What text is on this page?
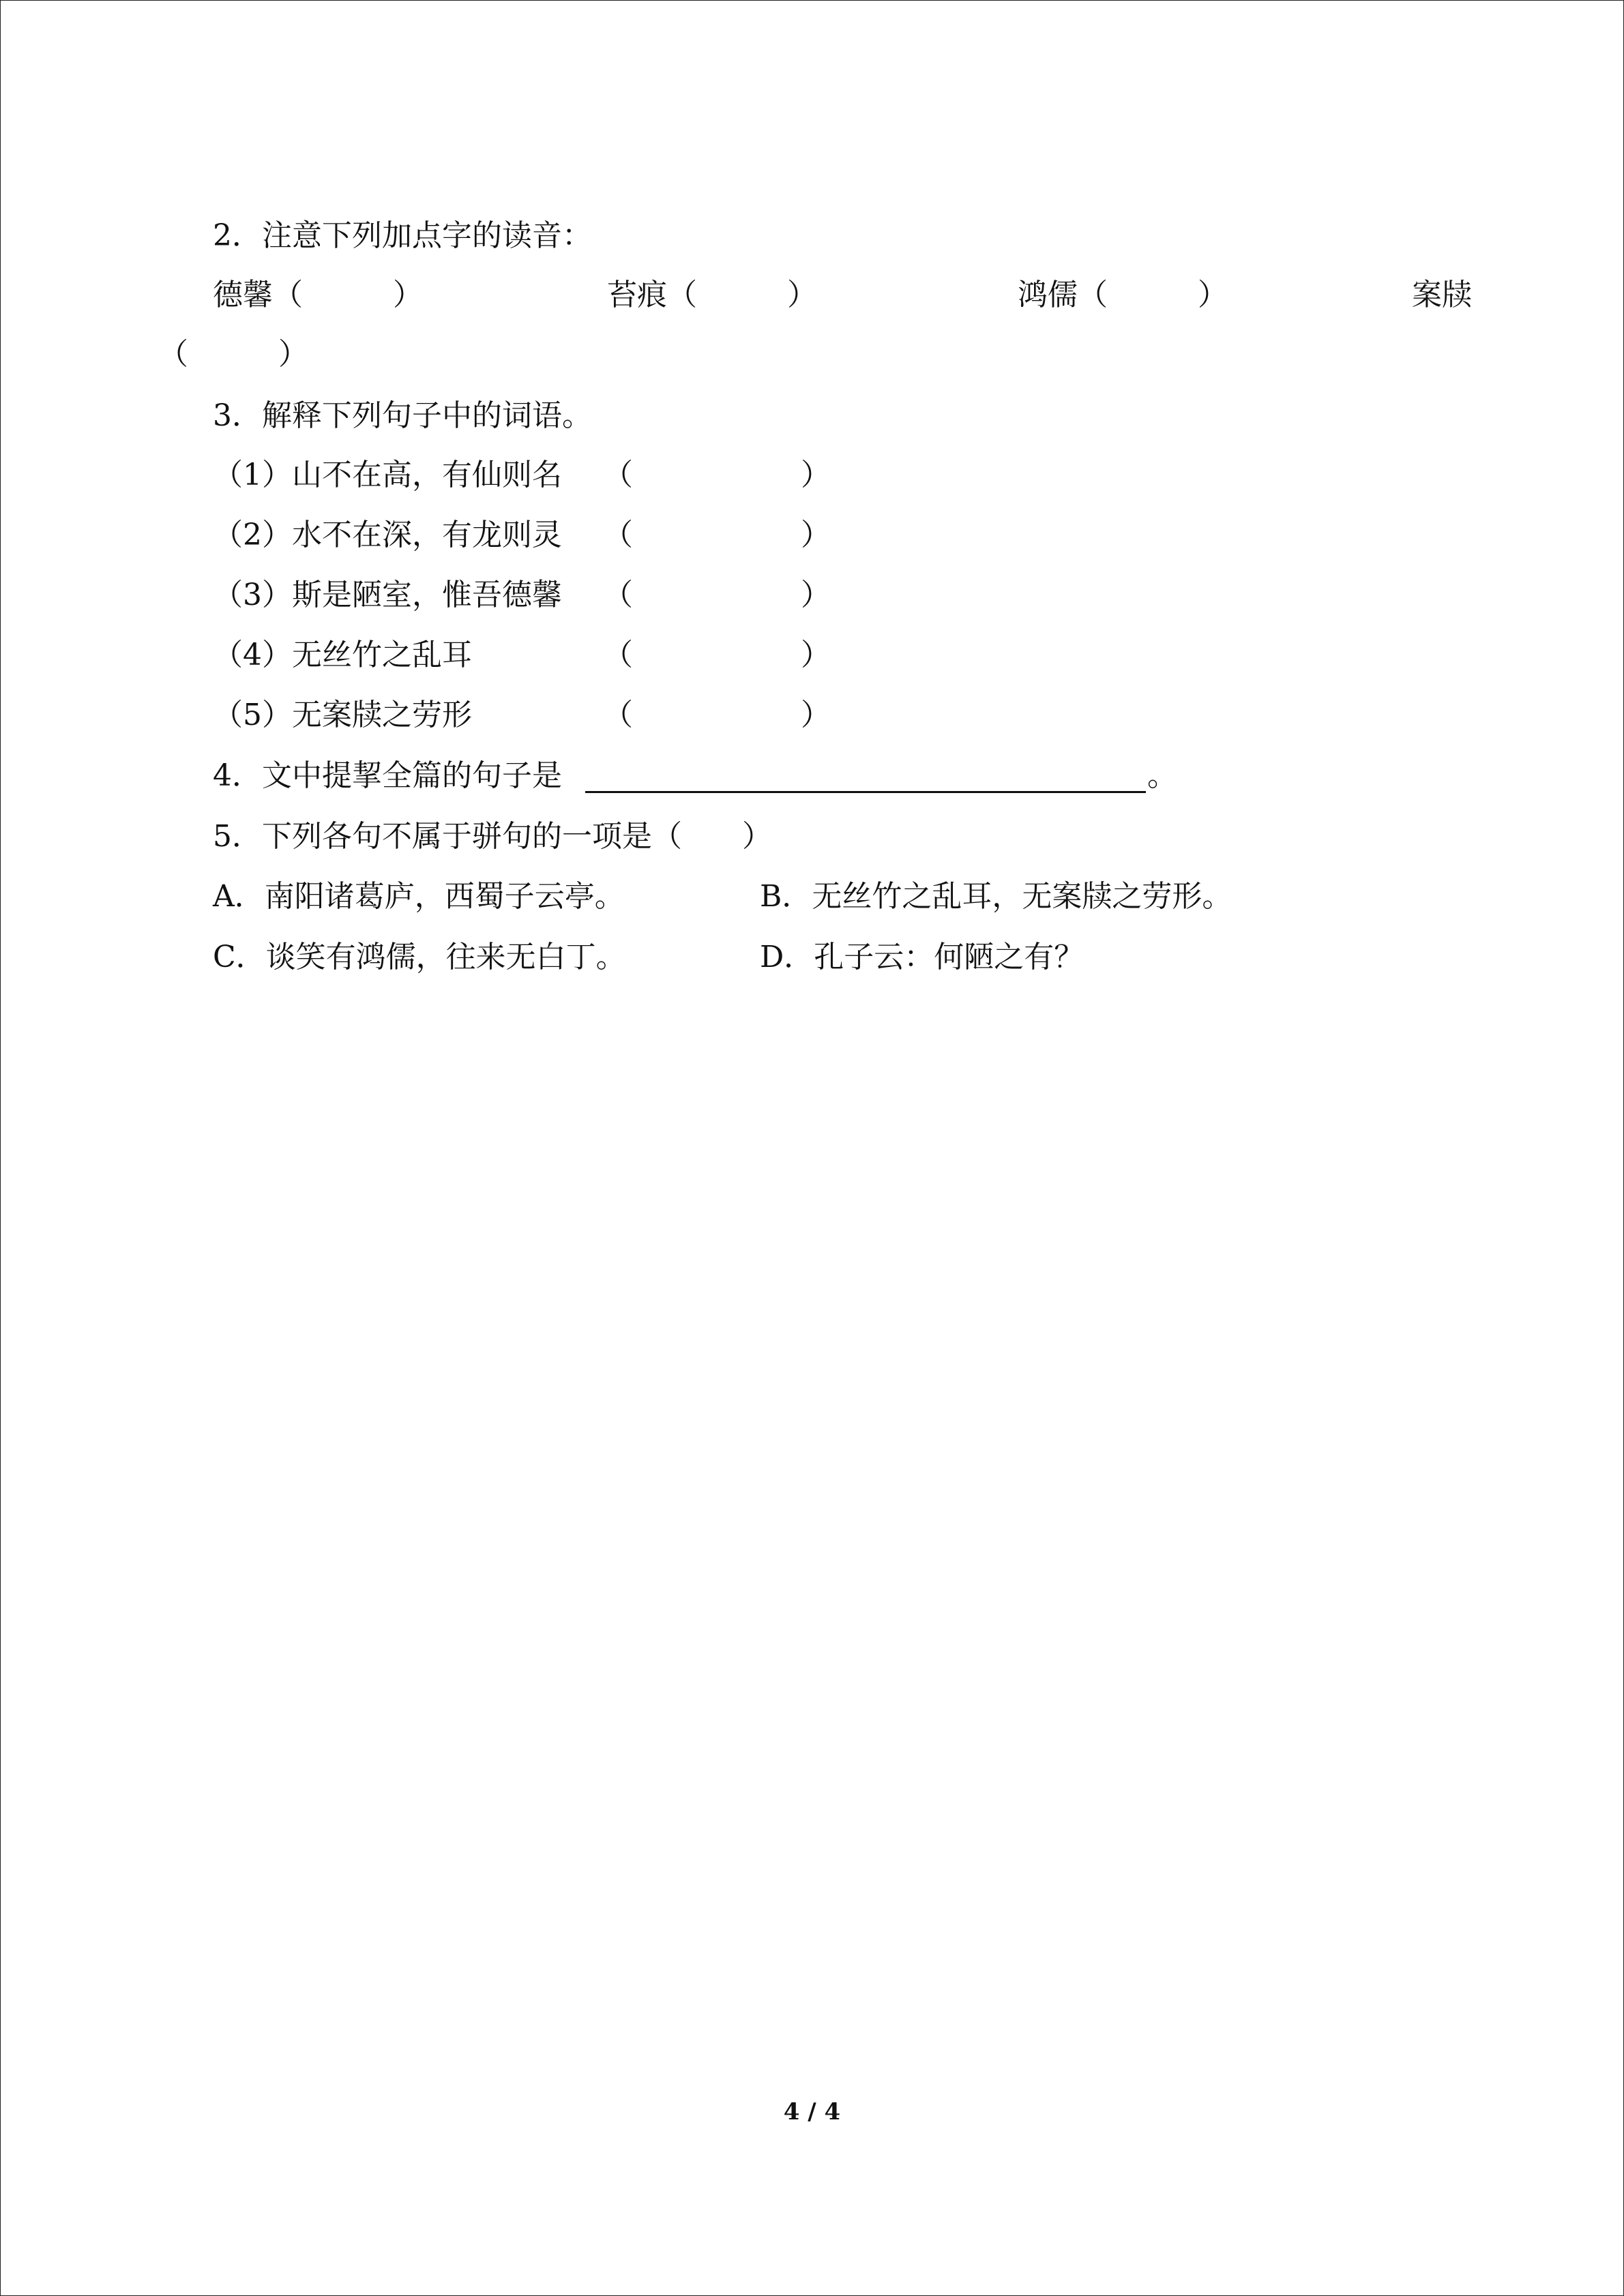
2．注意下列加点字的读音：
德馨（　　　）	苔痕（　　　）	鸿儒（　　　）	案牍
（　　　）
3．解释下列句子中的词语。
（1）山不在高，有仙则名 （	）
（2）水不在深，有龙则灵 （	）
（3）斯是陋室，惟吾德馨 （	）
（4）无丝竹之乱耳	（	）
（5）无案牍之劳形	（	）
4．文中提挈全篇的句子是	。
5．下列各句不属于骈句的一项是（　　）
A．南阳诸葛庐，西蜀子云亭。	B．无丝竹之乱耳，无案牍之劳形。
C．谈笑有鸿儒，往来无白丁。	D．孔子云：何陋之有？
4 / 4
